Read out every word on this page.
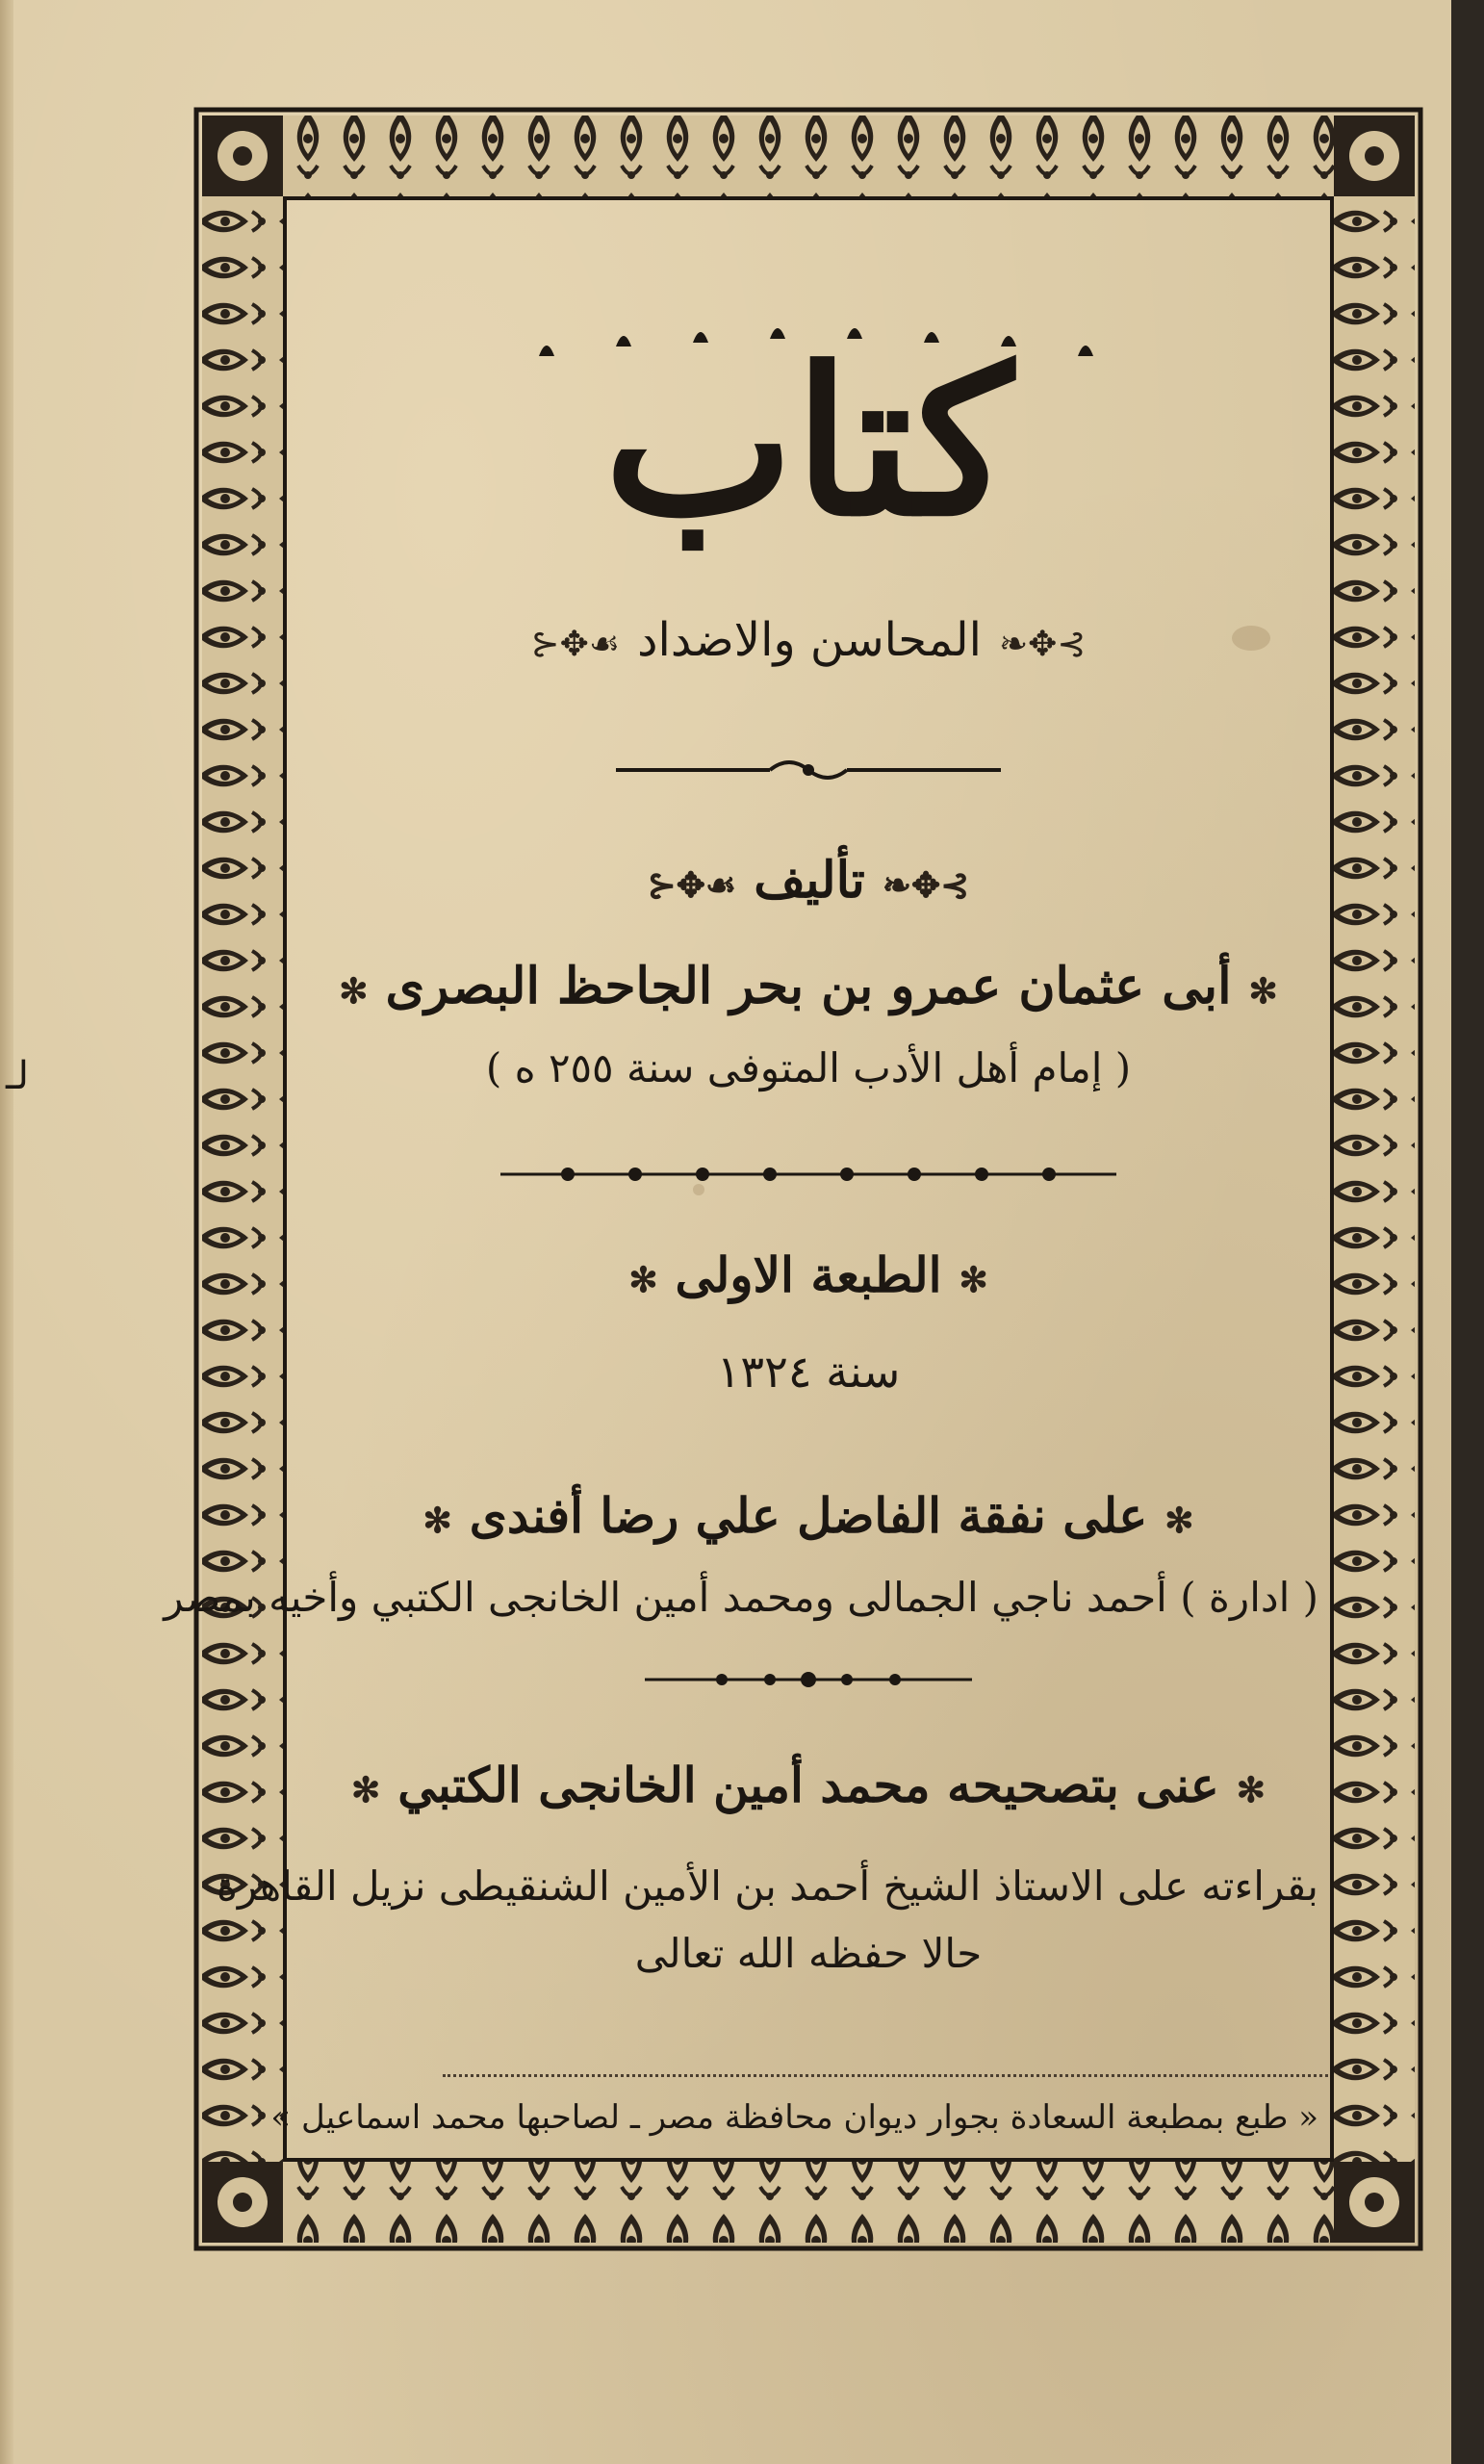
لـ
كتاب
⊱✥❧المحاسن والاضداد☙✥⊰
⊱✥❧تأليف☙✥⊰
✻أبى عثمان عمرو بن بحر الجاحظ البصرى✻
( إمام أهل الأدب المتوفى سنة ٢٥٥ ه )
✻الطبعة الاولى✻
سنة ١٣٢٤
✻على نفقة الفاضل علي رضا أفندى✻
( ادارة ) أحمد ناجي الجمالى ومحمد أمين الخانجى الكتبي وأخيه بمصر
✻عنى بتصحيحه محمد أمين الخانجى الكتبي✻
بقراءته على الاستاذ الشيخ أحمد بن الأمين الشنقيطى نزيل القاهرة
حالا حفظه الله تعالى
« طبع بمطبعة السعادة بجوار ديوان محافظة مصر ـ لصاحبها محمد اسماعيل »
